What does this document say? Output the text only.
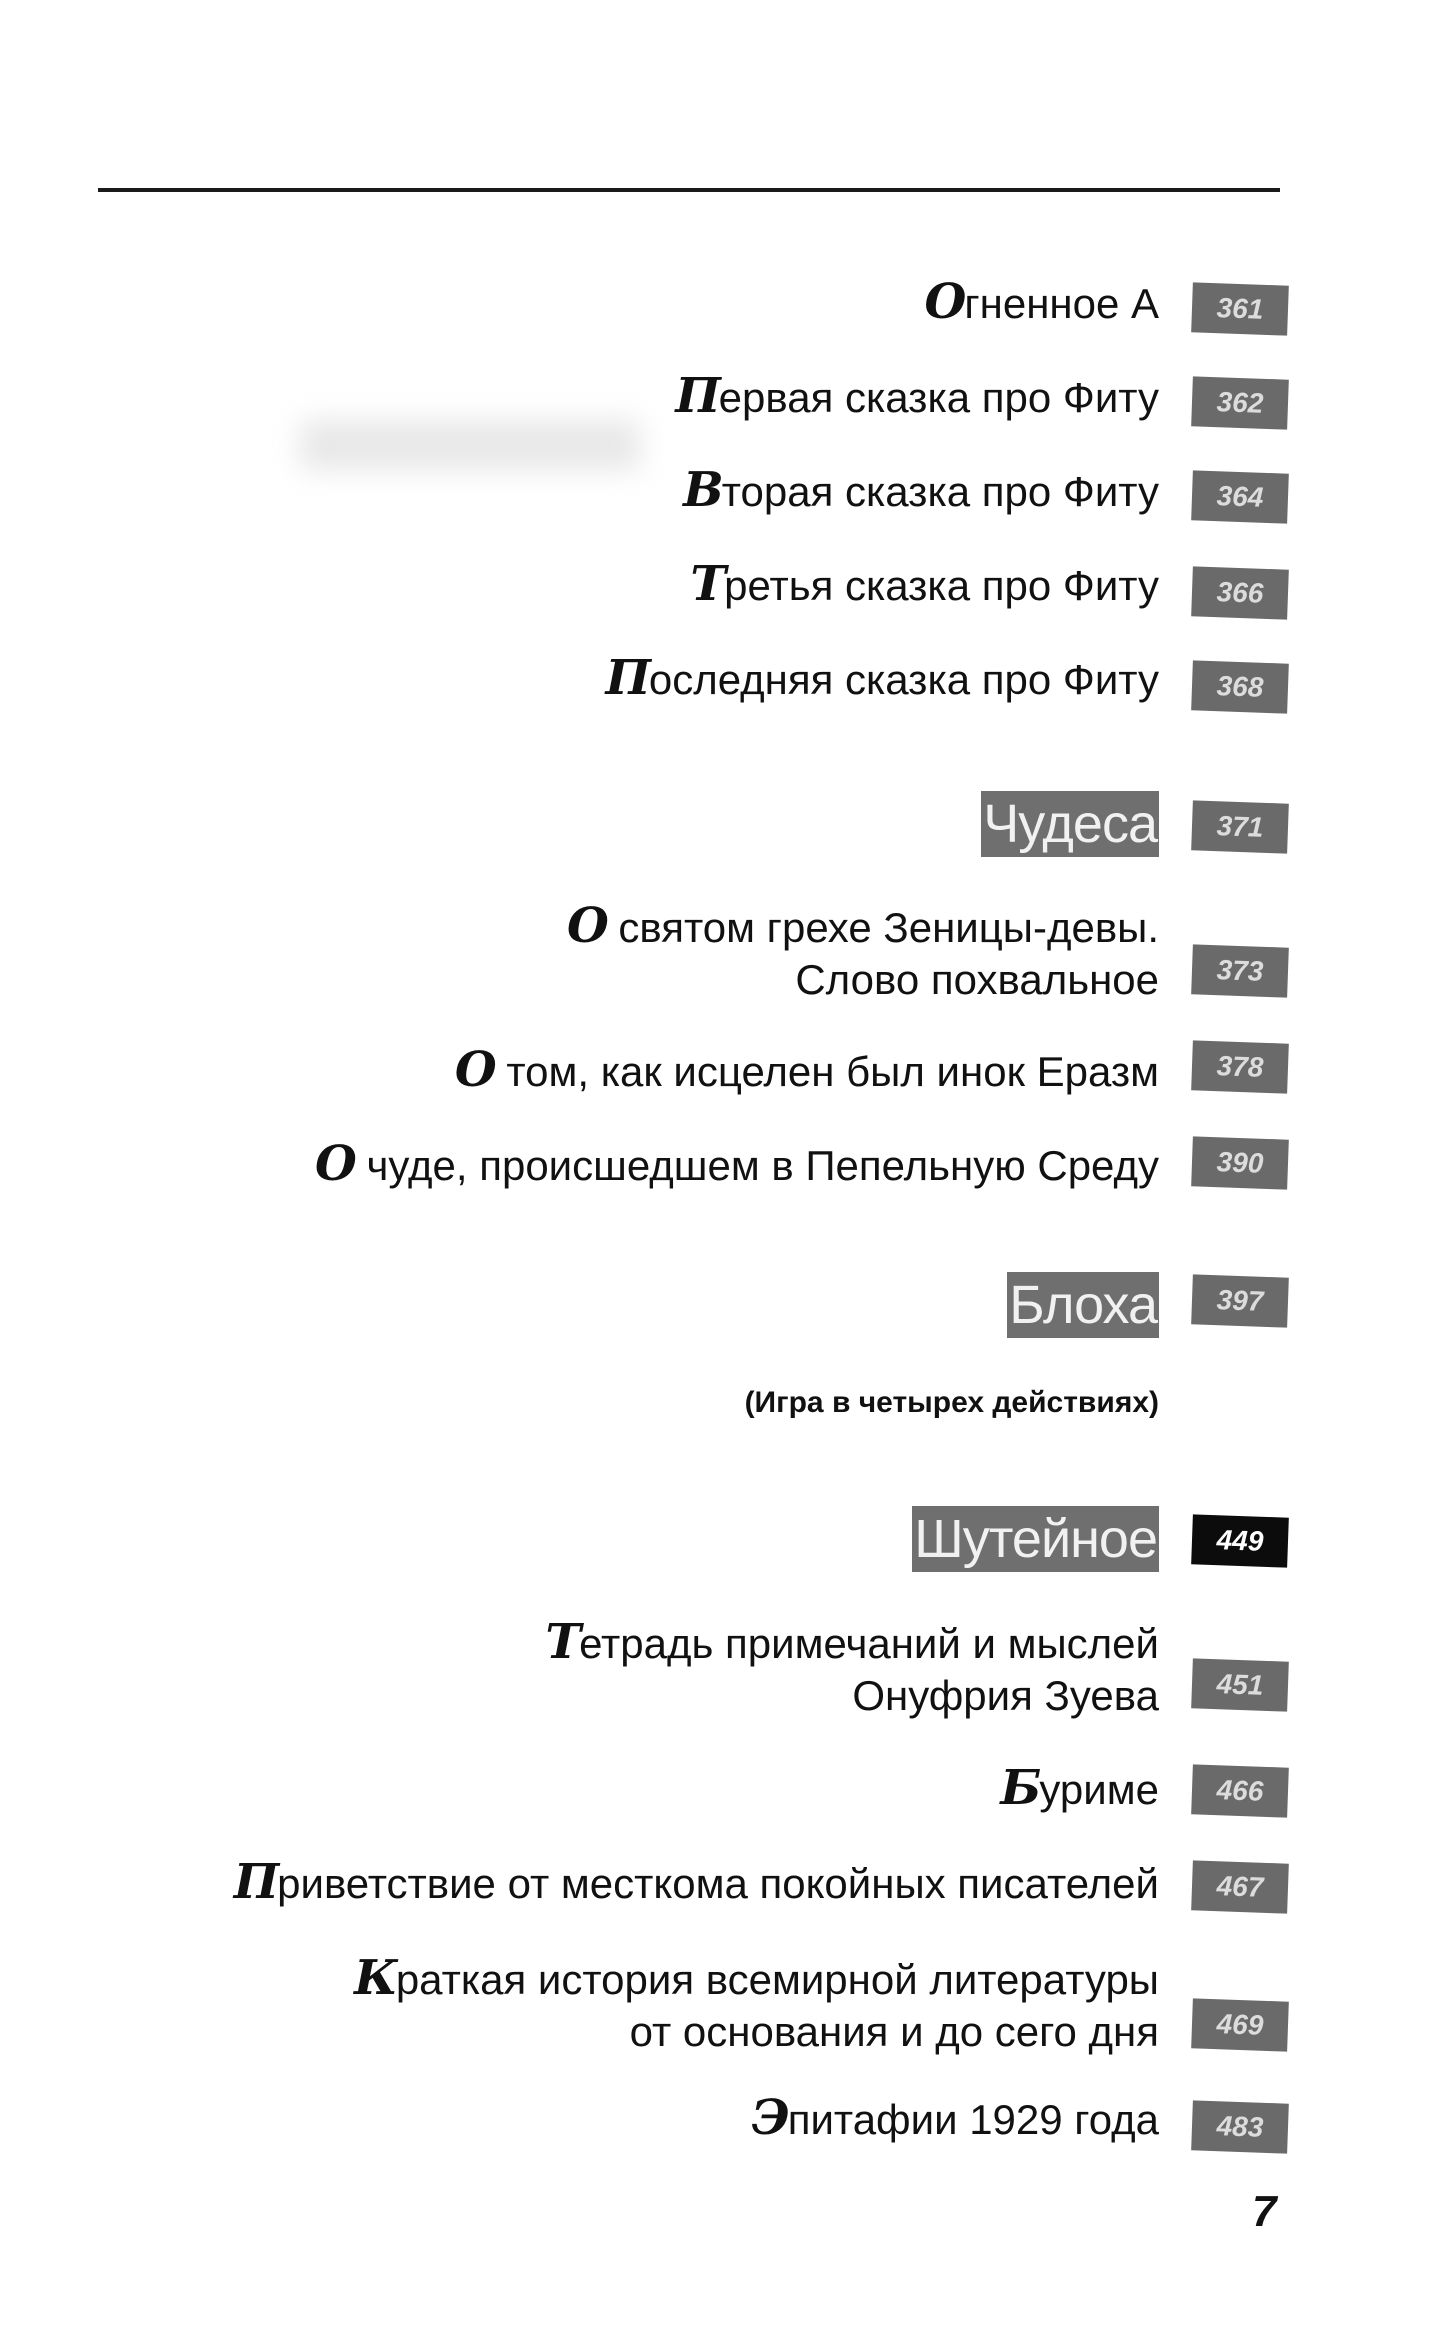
Огненное А	361
Первая сказка про Фиту	362
Вторая сказка про Фиту	364
Третья сказка про Фиту	366
Последняя сказка про Фиту	368
Чудеса	371
О святом грехе Зеницы-девы.
Слово похвальное	373
О том, как исцелен был инок Еразм	378
О чуде, происшедшем в Пепельную Среду	390
Блоха	397
(Игра в четырех действиях)
Шутейное	449
Тетрадь примечаний и мыслей
Онуфрия Зуева	451
Буриме	466
Приветствие от месткома покойных писателей	467
Краткая история всемирной литературы
от основания и до сего дня	469
Эпитафии 1929 года	483
7
